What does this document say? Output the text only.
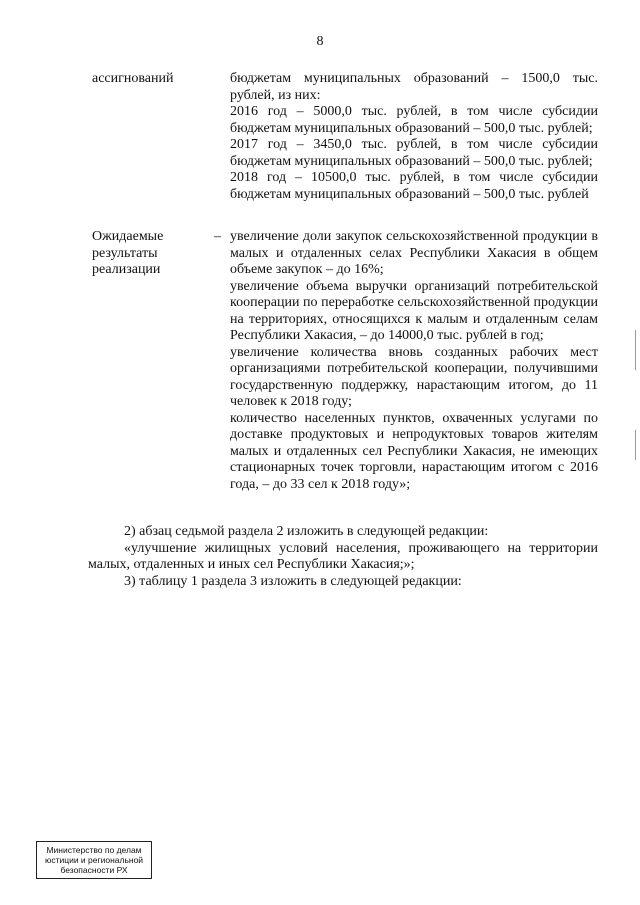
8
ассигнований	бюджетам муниципальных образований – 1500,0 тыс. рублей, из них:

2016 год – 5000,0 тыс. рублей, в том числе субсидии бюджетам муниципальных образований – 500,0 тыс. рублей;

2017 год – 3450,0 тыс. рублей, в том числе субсидии бюджетам муниципальных образований – 500,0 тыс. рублей;

2018 год – 10500,0 тыс. рублей, в том числе субсидии бюджетам муниципальных образований – 500,0 тыс. рублей

Ожидаемые результаты реализации
– увеличение доли закупок сельскохозяйственной продукции в малых и отдаленных селах Республики Хакасия в общем объеме закупок – до 16%;

увеличение объема выручки организаций потребительской кооперации по переработке сельскохозяйственной продукции на территориях, относящихся к малым и отдаленным селам Республики Хакасия, – до 14000,0 тыс. рублей в год;

увеличение количества вновь созданных рабочих мест организациями потребительской кооперации, получившими государственную поддержку, нарастающим итогом, до 11 человек к 2018 году;

количество населенных пунктов, охваченных услугами по доставке продуктовых и непродуктовых товаров жителям малых и отдаленных сел Республики Хакасия, не имеющих стационарных точек торговли, нарастающим итогом с 2016 года, – до 33 сел к 2018 году»;

2) абзац седьмой раздела 2 изложить в следующей редакции:

«улучшение жилищных условий населения, проживающего на территории малых, отдаленных и иных сел Республики Хакасия;»;

3) таблицу 1 раздела 3 изложить в следующей редакции:

Министерство по делам
юстиции и региональной
безопасности РХ
